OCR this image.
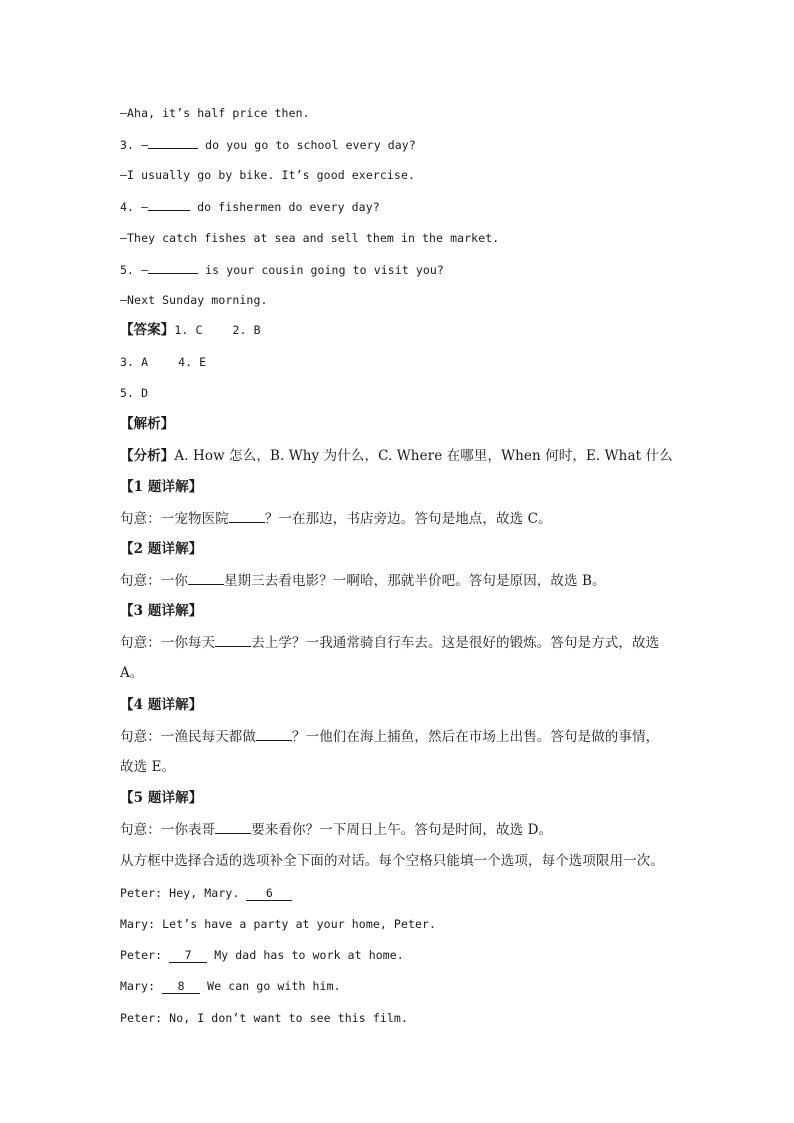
—Aha, it’s half price then.
3. —	do you go to school every day?
—I usually go by bike. It’s good exercise.
4. —	do fishermen do every day?
—They catch fishes at sea and sell them in the market.
5. —	is your cousin going to visit you?
—Next Sunday morning.
【答案】1. C	2. B
3. A	4. E
5. D
【解析】
【分析】A. How 怎么，B. Why 为什么，C. Where 在哪里，When 何时，E. What 什么
【1 题详解】
句意：一宠物医院	？一在那边，书店旁边。答句是地点，故选 C。
【2 题详解】
句意：一你	星期三去看电影？一啊哈，那就半价吧。答句是原因，故选 B。
【3 题详解】
句意：一你每天	去上学？一我通常骑自行车去。这是很好的锻炼。答句是方式，故选
A。
【4 题详解】
句意：一渔民每天都做	？一他们在海上捕鱼，然后在市场上出售。答句是做的事情，
故选 E。
【5 题详解】
句意：一你表哥	要来看你？一下周日上午。答句是时间，故选 D。
从方框中选择合适的选项补全下面的对话。每个空格只能填一个选项，每个选项限用一次。
Peter: Hey, Mary. 6
Mary: Let’s have a party at your home, Peter.
Peter: 7 My dad has to work at home.
Mary: 8 We can go with him.
Peter: No, I don’t want to see this film.
